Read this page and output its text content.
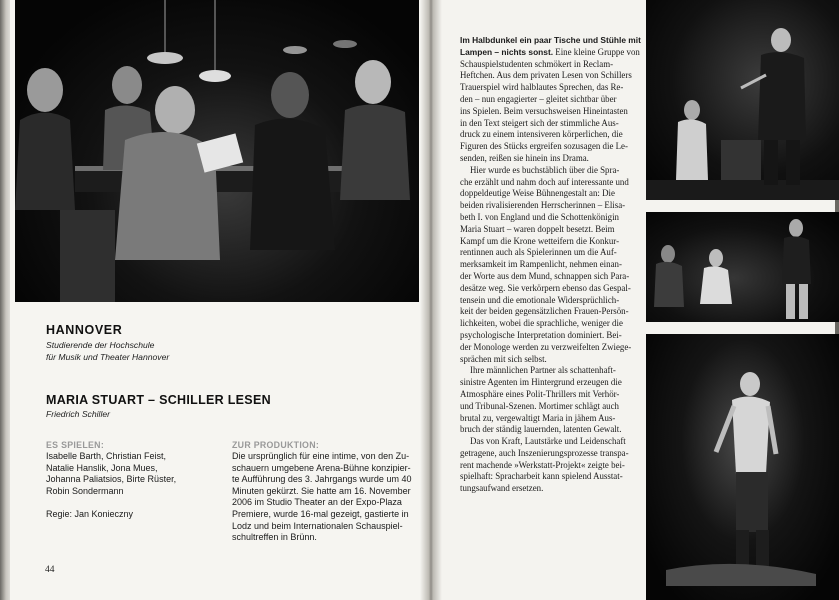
HANNOVER
Studierende der Hochschule
für Musik und Theater Hannover
MARIA STUART – SCHILLER LESEN
Friedrich Schiller
ES SPIELEN:
Isabelle Barth, Christian Feist,
Natalie Hanslik, Jona Mues,
Johanna Paliatsios, Birte Rüster,
Robin Sondermann
Regie: Jan Konieczny
ZUR PRODUKTION:
Die ursprünglich für eine intime, von den Zu-
schauern umgebene Arena-Bühne konzipier-
te Aufführung des 3. Jahrgangs wurde um 40
Minuten gekürzt. Sie hatte am 16. November
2006 im Studio Theater an der Expo-Plaza
Premiere, wurde 16-mal gezeigt, gastierte in
Lodz und beim Internationalen Schauspiel-
schultreffen in Brünn.
44
Im Halbdunkel ein paar Tische und Stühle mit
Lampen – nichts sonst. Eine kleine Gruppe von
Schauspielstudenten schmökert in Reclam-
Heftchen. Aus dem privaten Lesen von Schillers
Trauerspiel wird halblautes Sprechen, das Re-
den – nun engagierter – gleitet sichtbar über
ins Spielen. Beim versuchsweisen Hineintasten
in den Text steigert sich der stimmliche Aus-
druck zu einem intensiveren körperlichen, die
Figuren des Stücks ergreifen sozusagen die Le-
senden, reißen sie hinein ins Drama.
Hier wurde es buchstäblich über die Spra-
che erzählt und nahm doch auf interessante und
doppeldeutige Weise Bühnengestalt an: Die
beiden rivalisierenden Herrscherinnen – Elisa-
beth I. von England und die Schottenkönigin
Maria Stuart – waren doppelt besetzt. Beim
Kampf um die Krone wetteifern die Konkur-
rentinnen auch als Spielerinnen um die Auf-
merksamkeit im Rampenlicht, nehmen einan-
der Worte aus dem Mund, schnappen sich Para-
desätze weg. Sie verkörpern ebenso das Gespal-
tensein und die emotionale Widersprüchlich-
keit der beiden gegensätzlichen Frauen-Persön-
lichkeiten, wobei die sprachliche, weniger die
psychologische Interpretation dominiert. Bei-
der Monologe werden zu verzweifelten Zwiege-
sprächen mit sich selbst.
Ihre männlichen Partner als schattenhaft-
sinistre Agenten im Hintergrund erzeugen die
Atmosphäre eines Polit-Thrillers mit Verhör-
und Tribunal-Szenen. Mortimer schlägt auch
brutal zu, vergewaltigt Maria in jähem Aus-
bruch der ständig lauernden, latenten Gewalt.
Das von Kraft, Lautstärke und Leidenschaft
getragene, auch Inszenierungsprozesse transpa-
rent machende »Werkstatt-Projekt« zeigte bei-
spielhaft: Spracharbeit kann spielend Ausstat-
tungsaufwand ersetzen.
